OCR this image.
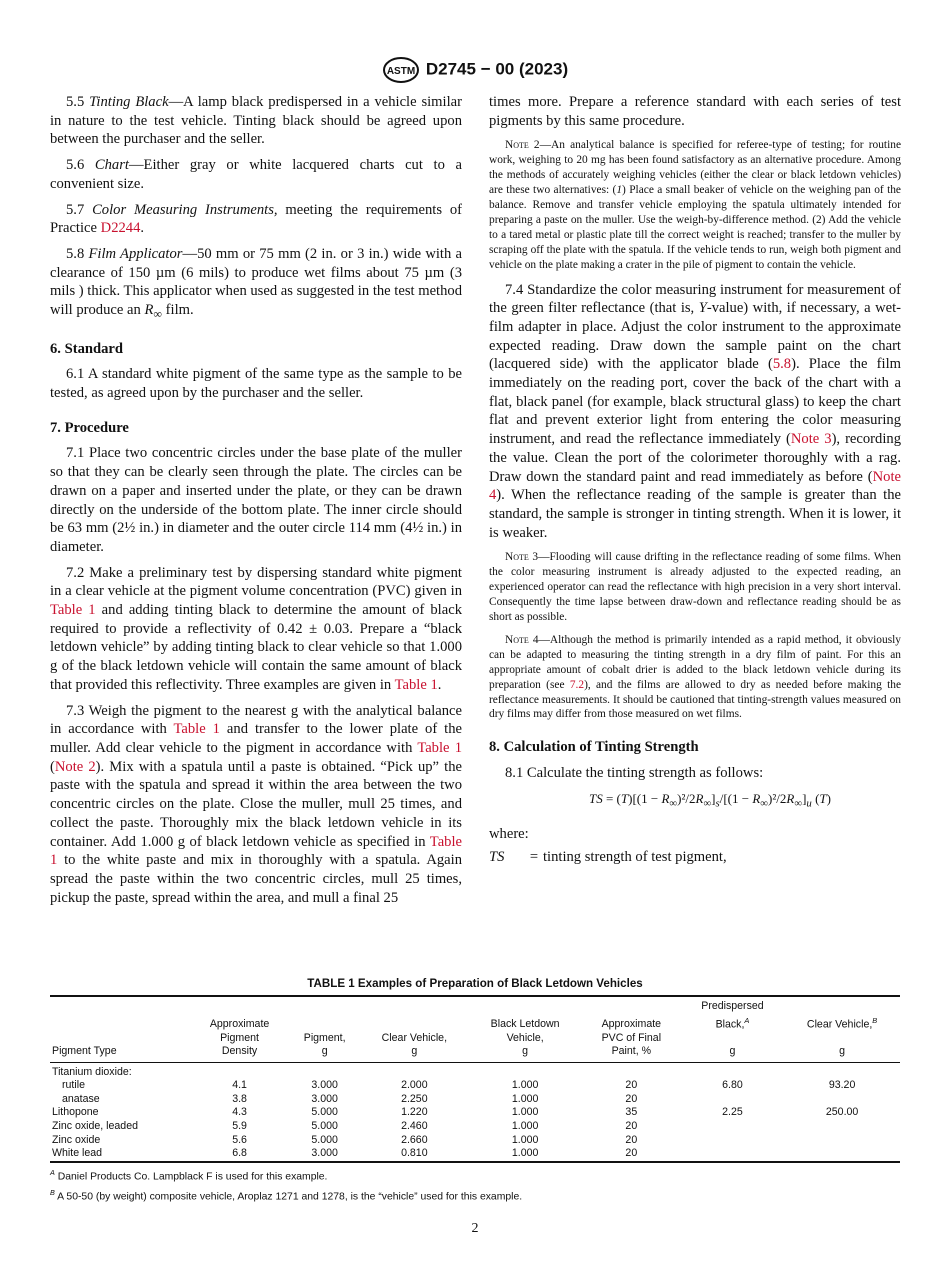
ASTM D2745 − 00 (2023)

5.5 Tinting Black—A lamp black predispersed in a vehicle similar in nature to the test vehicle. Tinting black should be agreed upon between the purchaser and the seller.

5.6 Chart—Either gray or white lacquered charts cut to a convenient size.

5.7 Color Measuring Instruments, meeting the requirements of Practice D2244.

5.8 Film Applicator—50 mm or 75 mm (2 in. or 3 in.) wide with a clearance of 150 µm (6 mils) to produce wet films about 75 µm (3 mils ) thick. This applicator when used as suggested in the test method will produce an $R_\infty$ film.

6. Standard

6.1 A standard white pigment of the same type as the sample to be tested, as agreed upon by the purchaser and the seller.

7. Procedure

7.1 Place two concentric circles under the base plate of the muller so that they can be clearly seen through the plate. The circles can be drawn on a paper and inserted under the plate, or they can be drawn directly on the underside of the bottom plate. The inner circle should be 63 mm (2½ in.) in diameter and the outer circle 114 mm (4½ in.) in diameter.

7.2 Make a preliminary test by dispersing standard white pigment in a clear vehicle at the pigment volume concentration (PVC) given in Table 1 and adding tinting black to determine the amount of black required to provide a reflectivity of 0.42 ± 0.03. Prepare a “black letdown vehicle” by adding tinting black to clear vehicle so that 1.000 g of the black letdown vehicle will contain the same amount of black that provided this reflectivity. Three examples are given in Table 1.

7.3 Weigh the pigment to the nearest g with the analytical balance in accordance with Table 1 and transfer to the lower plate of the muller. Add clear vehicle to the pigment in accordance with Table 1 (Note 2). Mix with a spatula until a paste is obtained. “Pick up” the paste with the spatula and spread it within the area between the two concentric circles on the plate. Close the muller, mull 25 times, and collect the paste. Thoroughly mix the black letdown vehicle in its container. Add 1.000 g of black letdown vehicle as specified in Table 1 to the white paste and mix in thoroughly with a spatula. Again spread the paste within the two concentric circles, mull 25 times, pickup the paste, spread within the area, and mull a final 25

times more. Prepare a reference standard with each series of test pigments by this same procedure.

Note 2—An analytical balance is specified for referee-type of testing; for routine work, weighing to 20 mg has been found satisfactory as an alternative procedure. Among the methods of accurately weighing vehicles (either the clear or black letdown vehicles) are these two alternatives: (1) Place a small beaker of vehicle on the weighing pan of the balance. Remove and transfer vehicle employing the spatula ultimately intended for preparing a paste on the muller. Use the weigh-by-difference method. (2) Add the vehicle to a tared metal or plastic plate till the correct weight is reached; transfer to the muller by scraping off the plate with the spatula. If the vehicle tends to run, weigh both pigment and vehicle on the plate making a crater in the pile of pigment to contain the vehicle.

7.4 Standardize the color measuring instrument for measurement of the green filter reflectance (that is, Y-value) with, if necessary, a wet-film adapter in place. Adjust the color instrument to the approximate expected reading. Draw down the sample paint on the chart (lacquered side) with the applicator blade (5.8). Place the film immediately on the reading port, cover the back of the chart with a flat, black panel (for example, black structural glass) to keep the chart flat and prevent exterior light from entering the color measuring instrument, and read the reflectance immediately (Note 3), recording the value. Clean the port of the colorimeter thoroughly with a rag. Draw down the standard paint and read immediately as before (Note 4). When the reflectance reading of the sample is greater than the standard, the sample is stronger in tinting strength. When it is lower, it is weaker.

Note 3—Flooding will cause drifting in the reflectance reading of some films. When the color measuring instrument is already adjusted to the expected reading, an experienced operator can read the reflectance with high precision in a very short interval. Consequently the time lapse between draw-down and reflectance reading should be as short as possible.
Note 4—Although the method is primarily intended as a rapid method, it obviously can be adapted to measuring the tinting strength in a dry film of paint. For this an appropriate amount of cobalt drier is added to the black letdown vehicle during its preparation (see 7.2), and the films are allowed to dry as needed before making the reflectance measurements. It should be cautioned that tinting-strength values measured on dry films may differ from those measured on wet films.
8. Calculation of Tinting Strength

8.1 Calculate the tinting strength as follows:

TS = $(T)[(1 - R_\infty)^2/2R_\infty]_s/[(1 - R_\infty)^2/2R_\infty]_u$ (T)
where:
TS	= tinting strength of test pigment,
TABLE 1 Examples of Preparation of Black Letdown Vehicles
Pigment Type	Approximate
Pigment
Density	Pigment,
g	Clear Vehicle,
g	Black Letdown
Vehicle,
g	Approximate
PVC of Final
Paint, %	Predispersed
Black,$^A$

g	Clear Vehicle,$^B$

g
Titanium dioxide:							
rutile	4.1	3.000	2.000	1.000	20	6.80	93.20
anatase	3.8	3.000	2.250	1.000	20		
Lithopone	4.3	5.000	1.220	1.000	35	2.25	250.00
Zinc oxide, leaded	5.9	5.000	2.460	1.000	20		
Zinc oxide	5.6	5.000	2.660	1.000	20		
White lead	6.8	3.000	0.810	1.000	20		
$^A$ Daniel Products Co. Lampblack F is used for this example.
$^B$ A 50-50 (by weight) composite vehicle, Aroplaz 1271 and 1278, is the “vehicle” used for this example.
2
